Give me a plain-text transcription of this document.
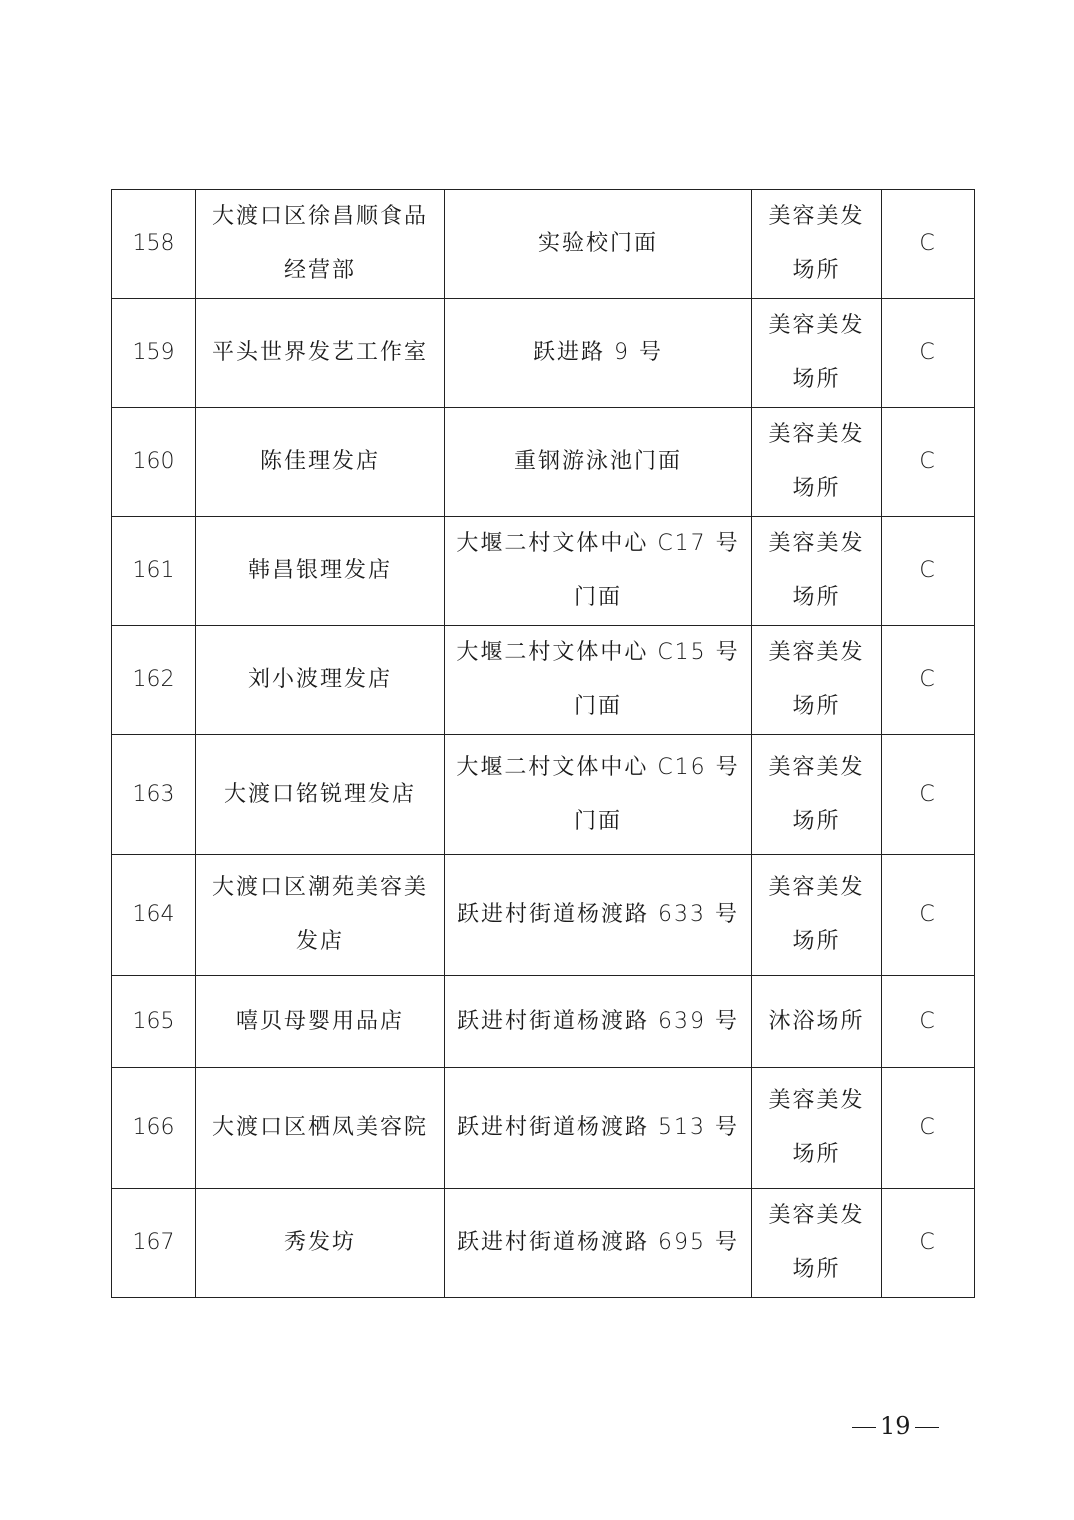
158	大渡口区徐昌顺食品经营部	实验校门面	美容美发场所	C
159	平头世界发艺工作室	跃进路 9 号	美容美发场所	C
160	陈佳理发店	重钢游泳池门面	美容美发场所	C
161	韩昌银理发店	大堰二村文体中心 C17 号门面	美容美发场所	C
162	刘小波理发店	大堰二村文体中心 C15 号门面	美容美发场所	C
163	大渡口铭锐理发店	大堰二村文体中心 C16 号门面	美容美发场所	C
164	大渡口区潮苑美容美发店	跃进村街道杨渡路 633 号	美容美发场所	C
165	嘻贝母婴用品店	跃进村街道杨渡路 639 号	沐浴场所	C
166	大渡口区栖凤美容院	跃进村街道杨渡路 513 号	美容美发场所	C
167	秀发坊	跃进村街道杨渡路 695 号	美容美发场所	C
19
